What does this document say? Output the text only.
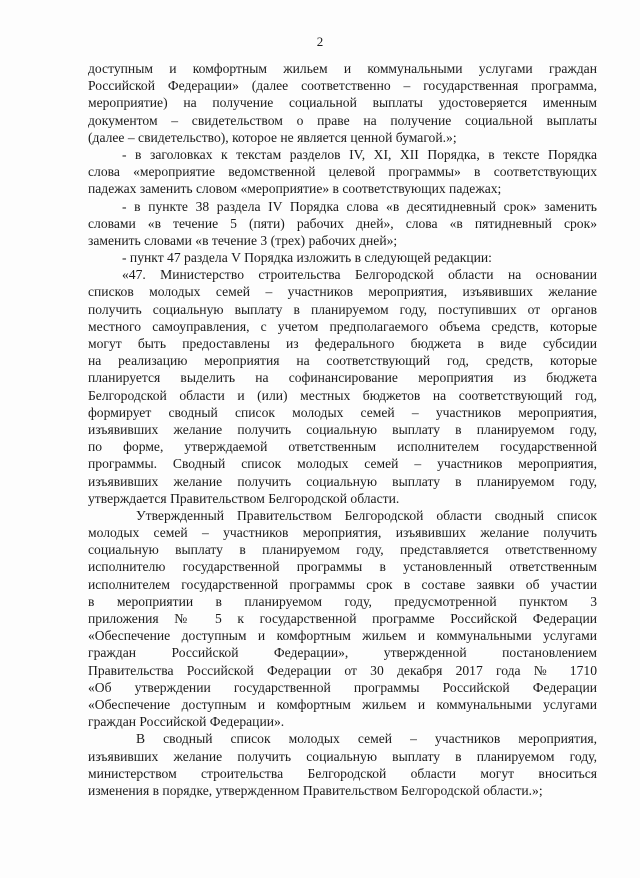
2
доступным и комфортным жильем и коммунальными услугами граждан
Российской Федерации» (далее соответственно – государственная программа,
мероприятие) на получение социальной выплаты удостоверяется именным
документом – свидетельством о праве на получение социальной выплаты
(далее – свидетельство), которое не является ценной бумагой.»;
- в заголовках к текстам разделов IV, XI, XII Порядка, в тексте Порядка
слова «мероприятие ведомственной целевой программы» в соответствующих
падежах заменить словом «мероприятие» в соответствующих падежах;
- в пункте 38 раздела IV Порядка слова «в десятидневный срок» заменить
словами «в течение 5 (пяти) рабочих дней», слова «в пятидневный срок»
заменить словами «в течение 3 (трех) рабочих дней»;
- пункт 47 раздела V Порядка изложить в следующей редакции:
«47. Министерство строительства Белгородской области на основании
списков молодых семей – участников мероприятия, изъявивших желание
получить социальную выплату в планируемом году, поступивших от органов
местного самоуправления, с учетом предполагаемого объема средств, которые
могут быть предоставлены из федерального бюджета в виде субсидии
на реализацию мероприятия на соответствующий год, средств, которые
планируется выделить на софинансирование мероприятия из бюджета
Белгородской области и (или) местных бюджетов на соответствующий год,
формирует сводный список молодых семей – участников мероприятия,
изъявивших желание получить социальную выплату в планируемом году,
по форме, утверждаемой ответственным исполнителем государственной
программы. Сводный список молодых семей – участников мероприятия,
изъявивших желание получить социальную выплату в планируемом году,
утверждается Правительством Белгородской области.
Утвержденный Правительством Белгородской области сводный список
молодых семей – участников мероприятия, изъявивших желание получить
социальную выплату в планируемом году, представляется ответственному
исполнителю государственной программы в установленный ответственным
исполнителем государственной программы срок в составе заявки об участии
в мероприятии в планируемом году, предусмотренной пунктом 3
приложения № 5 к государственной программе Российской Федерации
«Обеспечение доступным и комфортным жильем и коммунальными услугами
граждан Российской Федерации», утвержденной постановлением
Правительства Российской Федерации от 30 декабря 2017 года № 1710
«Об утверждении государственной программы Российской Федерации
«Обеспечение доступным и комфортным жильем и коммунальными услугами
граждан Российской Федерации».
В сводный список молодых семей – участников мероприятия,
изъявивших желание получить социальную выплату в планируемом году,
министерством строительства Белгородской области могут вноситься
изменения в порядке, утвержденном Правительством Белгородской области.»;
